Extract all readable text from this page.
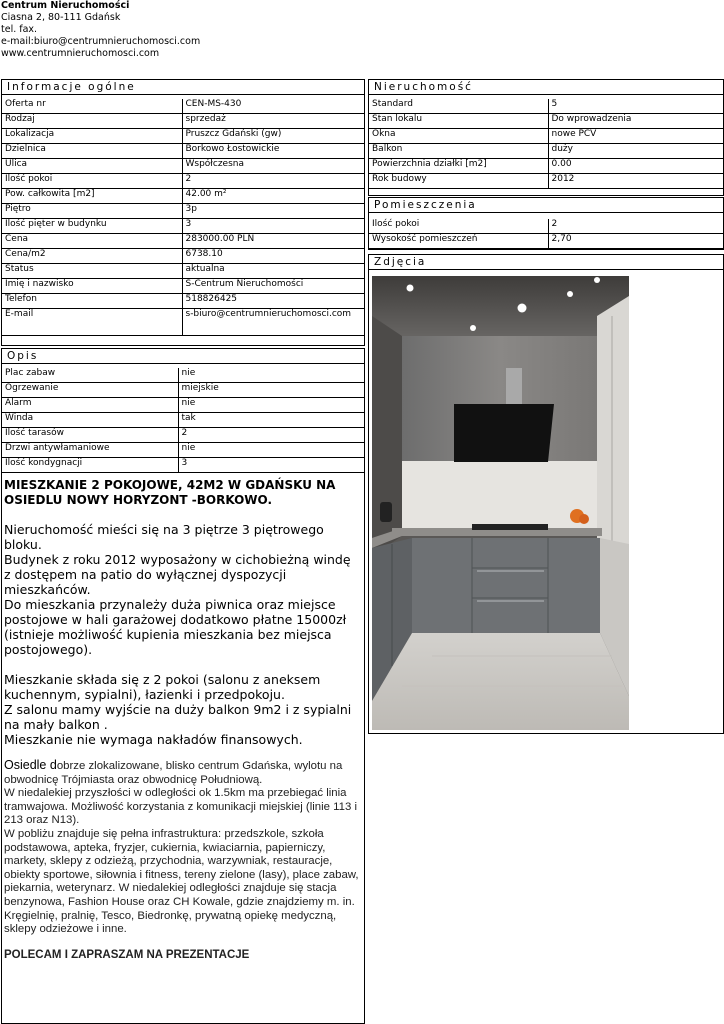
Centrum Nieruchomości
Ciasna 2, 80-111 Gdańsk
tel. fax.
e-mail:biuro@centrumnieruchomosci.com
www.centrumnieruchomosci.com
Informacje ogólne	Nieruchomość
Pomieszczenia
Zdjęcia
Opis
Oferta nr	CEN-MS-430
Rodzaj	sprzedaż
Lokalizacja	Pruszcz Gdański (gw)
Dzielnica	Borkowo Łostowickie
Ulica	Współczesna
Ilość pokoi	2
Pow. całkowita [m2]	42.00 m²
Piętro	3p
Ilość pięter w budynku	3
Cena	283000.00 PLN
Cena/m2	6738.10
Status	aktualna
Imię i nazwisko	S-Centrum Nieruchomości
Telefon	518826425
E-mail	s-biuro@centrumnieruchomosci.com
Standard	5
Stan lokalu	Do wprowadzenia
Okna	nowe PCV
Balkon	duży
Powierzchnia działki [m2]	0.00
Rok budowy	2012
Ilość pokoi	2
Wysokość pomieszczeń	2,70
Plac zabaw	nie
Ogrzewanie	miejskie
Alarm	nie
Winda	tak
Ilość tarasów	2
Drzwi antywłamaniowe	nie
Ilość kondygnacji	3

MIESZKANIE 2 POKOJOWE, 42M2 W GDAŃSKU NA OSIEDLU NOWY HORYZONT -BORKOWO.

Nieruchomość mieści się na 3 piętrze 3 piętrowego bloku.

Budynek z roku 2012 wyposażony w cichobieżną windę z dostępem na patio do wyłącznej dyspozycji mieszkańców.

Do mieszkania przynależy duża piwnica oraz miejsce postojowe w hali garażowej dodatkowo płatne 15000zł (istnieje możliwość kupienia mieszkania bez miejsca postojowego).

Mieszkanie składa się z 2 pokoi (salonu z aneksem kuchennym, sypialni), łazienki i przedpokoju.

Z salonu mamy wyjście na duży balkon 9m2 i z sypialni na mały balkon .

Mieszkanie nie wymaga nakładów finansowych.

Osiedle dobrze zlokalizowane, blisko centrum Gdańska, wylotu na obwodnicę Trójmiasta oraz obwodnicę Południową.

W niedalekiej przyszłości w odległości ok 1.5km ma przebiegać linia tramwajowa. Możliwość korzystania z komunikacji miejskiej (linie 113 i 213 oraz N13).

W pobliżu znajduje się pełna infrastruktura: przedszkole, szkoła podstawowa, apteka, fryzjer, cukiernia, kwiaciarnia, papierniczy, markety, sklepy z odzieżą, przychodnia, warzywniak, restauracje, obiekty sportowe, siłownia i fitness, tereny zielone (lasy), place zabaw, piekarnia, weterynarz. W niedalekiej odległości znajduje się stacja benzynowa, Fashion House oraz CH Kowale, gdzie znajdziemy m. in. Kręgielnię, pralnię, Tesco, Biedronkę, prywatną opiekę medyczną, sklepy odzieżowe i inne.

POLECAM I ZAPRASZAM NA PREZENTACJE
